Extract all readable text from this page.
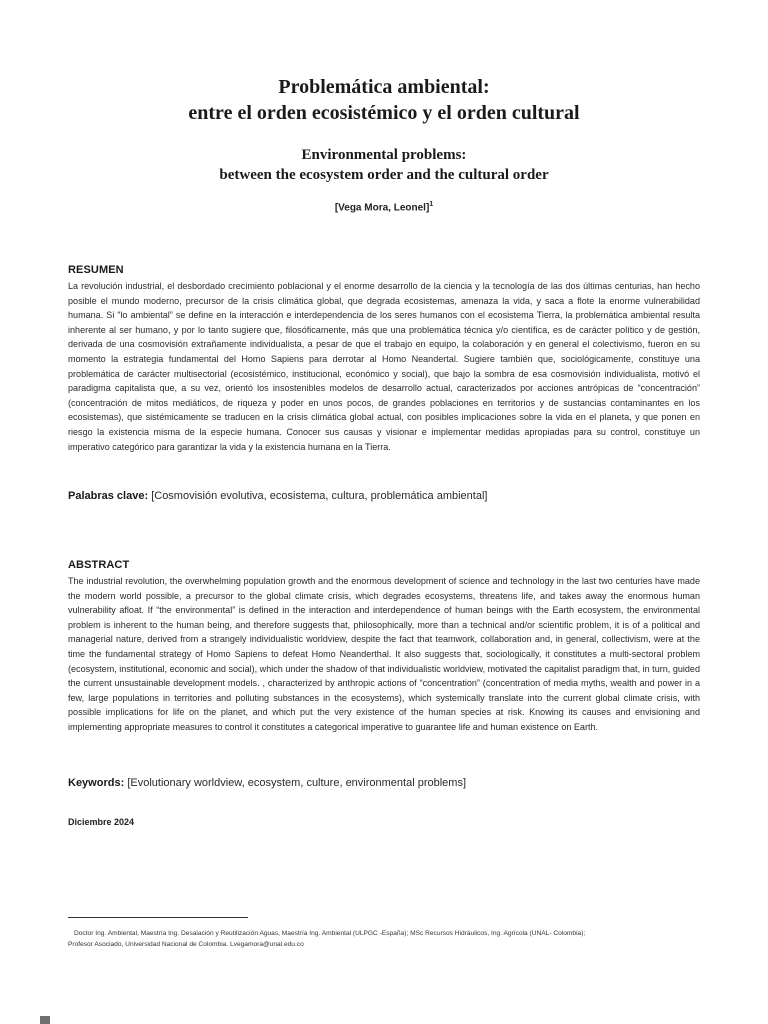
Problemática ambiental:
entre el orden ecosistémico y el orden cultural
Environmental problems:
between the ecosystem order and the cultural order
[Vega Mora, Leonel]$^1$
RESUMEN

La revolución industrial, el desbordado crecimiento poblacional y el enorme desarrollo de la ciencia y la tecnología de las dos últimas centurias, han hecho posible el mundo moderno, precursor de la crisis climática global, que degrada ecosistemas, amenaza la vida, y saca a flote la enorme vulnerabilidad humana. Si “lo ambiental” se define en la interacción e interdependencia de los seres humanos con el ecosistema Tierra, la problemática ambiental resulta inherente al ser humano, y por lo tanto sugiere que, filosóficamente, más que una problemática técnica y/o científica, es de carácter político y de gestión, derivada de una cosmovisión extrañamente individualista, a pesar de que el trabajo en equipo, la colaboración y en general el colectivismo, fueron en su momento la estrategia fundamental del Homo Sapiens para derrotar al Homo Neandertal. Sugiere también que, sociológicamente, constituye una problemática de carácter multisectorial (ecosistémico, institucional, económico y social), que bajo la sombra de esa cosmovisión individualista, motivó el paradigma capitalista que, a su vez, orientó los insostenibles modelos de desarrollo actual, caracterizados por acciones antrópicas de “concentración” (concentración de mitos mediáticos, de riqueza y poder en unos pocos, de grandes poblaciones en territorios y de sustancias contaminantes en los ecosistemas), que sistémicamente se traducen en la crisis climática global actual, con posibles implicaciones sobre la vida en el planeta, y que ponen en riesgo la existencia misma de la especie humana. Conocer sus causas y visionar e implementar medidas apropiadas para su control, constituye un imperativo categórico para garantizar la vida y la existencia humana en la Tierra.

Palabras clave: [Cosmovisión evolutiva, ecosistema, cultura, problemática ambiental]
ABSTRACT

The industrial revolution, the overwhelming population growth and the enormous development of science and technology in the last two centuries have made the modern world possible, a precursor to the global climate crisis, which degrades ecosystems, threatens life, and takes away the enormous human vulnerability afloat. If “the environmental” is defined in the interaction and interdependence of human beings with the Earth ecosystem, the environmental problem is inherent to the human being, and therefore suggests that, philosophically, more than a technical and/or scientific problem, it is of a political and managerial nature, derived from a strangely individualistic worldview, despite the fact that teamwork, collaboration and, in general, collectivism, were at the time the fundamental strategy of Homo Sapiens to defeat Homo Neanderthal. It also suggests that, sociologically, it constitutes a multi-sectoral problem (ecosystem, institutional, economic and social), which under the shadow of that individualistic worldview, motivated the capitalist paradigm that, in turn, guided the current unsustainable development models. , characterized by anthropic actions of “concentration” (concentration of media myths, wealth and power in a few, large populations in territories and polluting substances in the ecosystems), which systemically translate into the current global climate crisis, with possible implications for life on the planet, and which put the very existence of the human species at risk. Knowing its causes and envisioning and implementing appropriate measures to control it constitutes a categorical imperative to guarantee life and human existence on Earth.

Keywords: [Evolutionary worldview, ecosystem, culture, environmental problems]
Diciembre 2024
Doctor Ing. Ambiental, Maestría Ing. Desalación y Reutilización Aguas, Maestría Ing. Ambiental (ULPGC -España); MSc Recursos Hidráulicos, Ing. Agrícola (UNAL- Colombia);
Profesor Asociado, Universidad Nacional de Colombia. Lvegamora@unal.edu.co
